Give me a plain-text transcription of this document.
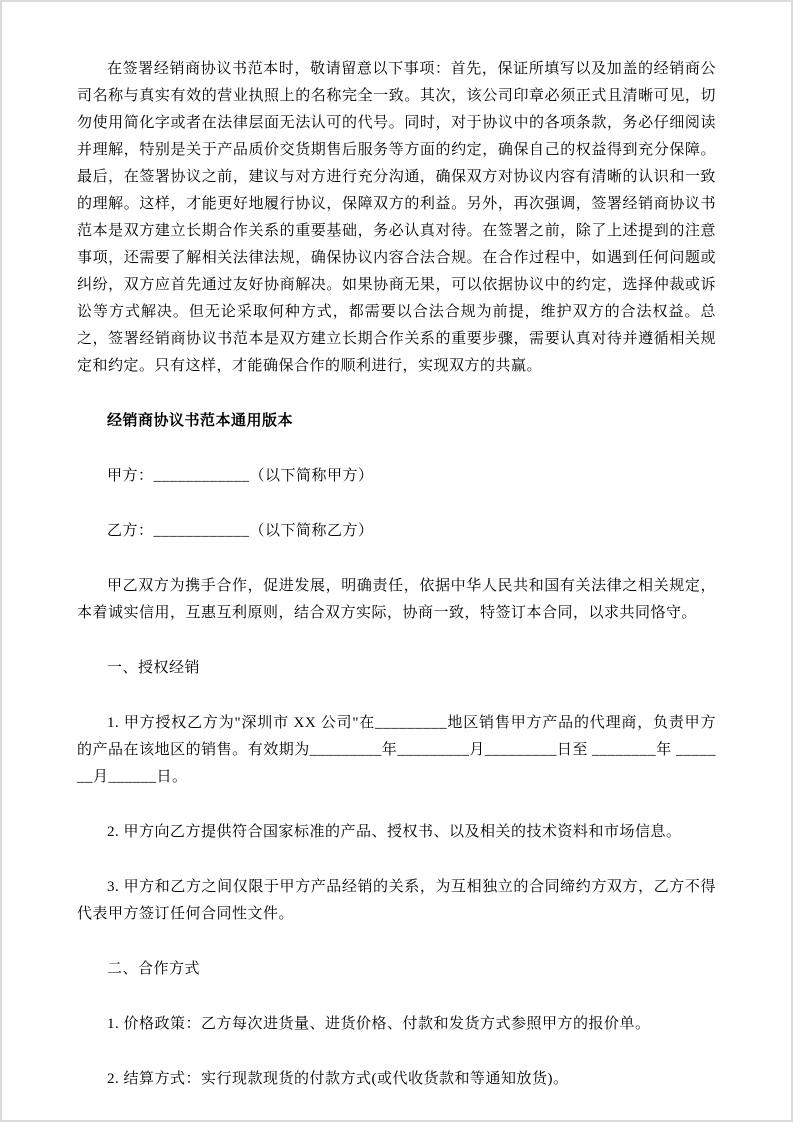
在签署经销商协议书范本时，敬请留意以下事项：首先，保证所填写以及加盖的经销商公司名称与真实有效的营业执照上的名称完全一致。其次，该公司印章必须正式且清晰可见，切勿使用简化字或者在法律层面无法认可的代号。同时，对于协议中的各项条款，务必仔细阅读并理解，特别是关于产品质价交货期售后服务等方面的约定，确保自己的权益得到充分保障。最后，在签署协议之前，建议与对方进行充分沟通，确保双方对协议内容有清晰的认识和一致的理解。这样，才能更好地履行协议，保障双方的利益。另外，再次强调，签署经销商协议书范本是双方建立长期合作关系的重要基础，务必认真对待。在签署之前，除了上述提到的注意事项，还需要了解相关法律法规，确保协议内容合法合规。在合作过程中，如遇到任何问题或纠纷，双方应首先通过友好协商解决。如果协商无果，可以依据协议中的约定，选择仲裁或诉讼等方式解决。但无论采取何种方式，都需要以合法合规为前提，维护双方的合法权益。总之，签署经销商协议书范本是双方建立长期合作关系的重要步骤，需要认真对待并遵循相关规定和约定。只有这样，才能确保合作的顺利进行，实现双方的共赢。

经销商协议书范本通用版本

甲方：____________（以下简称甲方）

乙方：____________（以下简称乙方）

甲乙双方为携手合作，促进发展，明确责任，依据中华人民共和国有关法律之相关规定，本着诚实信用，互惠互利原则，结合双方实际，协商一致，特签订本合同，以求共同恪守。

一、授权经销

1. 甲方授权乙方为"深圳市 XX 公司"在_________地区销售甲方产品的代理商，负责甲方的产品在该地区的销售。有效期为_________年_________月_________日至 ________年 _______月______日。

2. 甲方向乙方提供符合国家标准的产品、授权书、以及相关的技术资料和市场信息。

3. 甲方和乙方之间仅限于甲方产品经销的关系，为互相独立的合同缔约方双方，乙方不得代表甲方签订任何合同性文件。

二、合作方式

1. 价格政策：乙方每次进货量、进货价格、付款和发货方式参照甲方的报价单。

2. 结算方式：实行现款现货的付款方式(或代收货款和等通知放货)。
